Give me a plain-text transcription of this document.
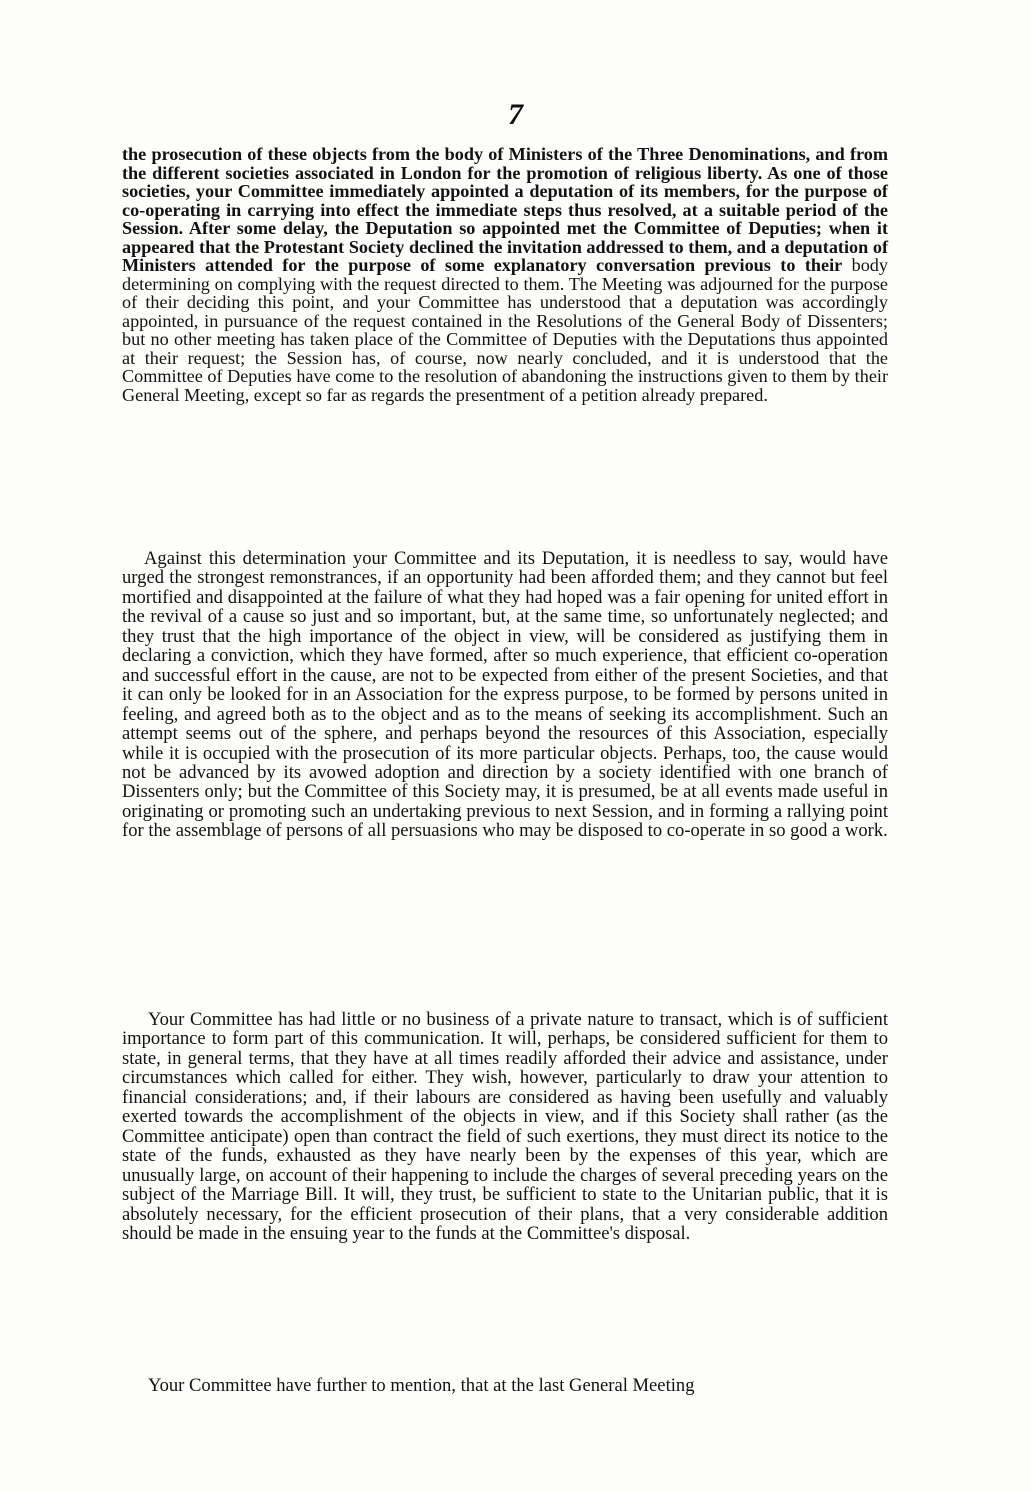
7

the prosecution of these objects from the body of Ministers of the Three Denominations, and from the different societies associated in London for the promotion of religious liberty. As one of those societies, your Committee immediately appointed a deputation of its members, for the purpose of co-operating in carrying into effect the immediate steps thus resolved, at a suitable period of the Session. After some delay, the Deputation so appointed met the Committee of Deputies; when it appeared that the Protestant Society declined the invitation addressed to them, and a deputation of Ministers attended for the purpose of some explanatory conversation previous to their body determining on complying with the request directed to them. The Meeting was adjourned for the purpose of their deciding this point, and your Committee has understood that a deputation was accordingly appointed, in pursuance of the request contained in the Resolutions of the General Body of Dissenters; but no other meeting has taken place of the Committee of Deputies with the Deputations thus appointed at their request; the Session has, of course, now nearly concluded, and it is understood that the Committee of Deputies have come to the resolution of abandoning the instructions given to them by their General Meeting, except so far as regards the presentment of a petition already prepared.

Against this determination your Committee and its Deputation, it is needless to say, would have urged the strongest remonstrances, if an opportunity had been afforded them; and they cannot but feel mortified and disappointed at the failure of what they had hoped was a fair opening for united effort in the revival of a cause so just and so important, but, at the same time, so unfortunately neglected; and they trust that the high importance of the object in view, will be considered as justifying them in declaring a conviction, which they have formed, after so much experience, that efficient co-operation and successful effort in the cause, are not to be expected from either of the present Societies, and that it can only be looked for in an Association for the express purpose, to be formed by persons united in feeling, and agreed both as to the object and as to the means of seeking its accomplishment. Such an attempt seems out of the sphere, and perhaps beyond the resources of this Association, especially while it is occupied with the prosecution of its more particular objects. Perhaps, too, the cause would not be advanced by its avowed adoption and direction by a society identified with one branch of Dissenters only; but the Committee of this Society may, it is presumed, be at all events made useful in originating or promoting such an undertaking previous to next Session, and in forming a rallying point for the assemblage of persons of all persuasions who may be disposed to co-operate in so good a work.

Your Committee has had little or no business of a private nature to transact, which is of sufficient importance to form part of this communication. It will, perhaps, be considered sufficient for them to state, in general terms, that they have at all times readily afforded their advice and assistance, under circumstances which called for either. They wish, however, particularly to draw your attention to financial considerations; and, if their labours are considered as having been usefully and valuably exerted towards the accomplishment of the objects in view, and if this Society shall rather (as the Committee anticipate) open than contract the field of such exertions, they must direct its notice to the state of the funds, exhausted as they have nearly been by the expenses of this year, which are unusually large, on account of their happening to include the charges of several preceding years on the subject of the Marriage Bill. It will, they trust, be sufficient to state to the Unitarian public, that it is absolutely necessary, for the efficient prosecution of their plans, that a very considerable addition should be made in the ensuing year to the funds at the Committee's disposal.

Your Committee have further to mention, that at the last General Meeting
